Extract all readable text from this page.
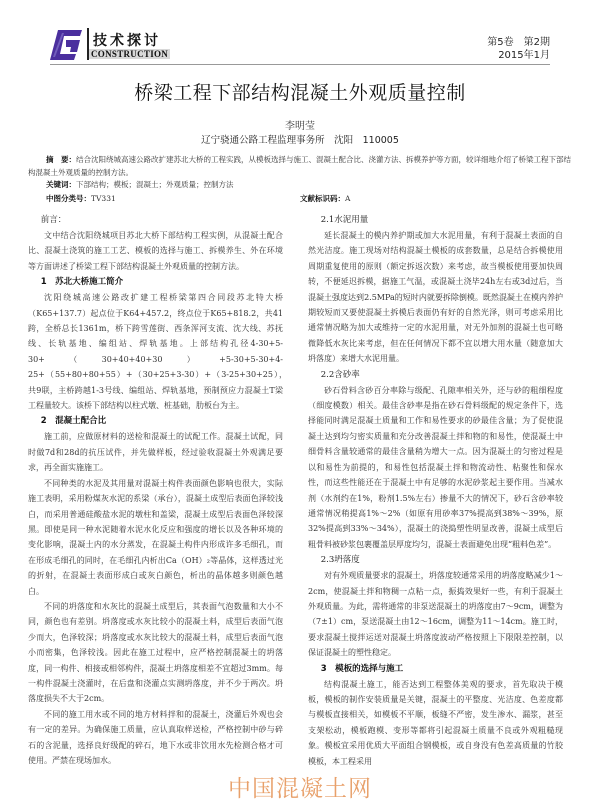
技术探讨
CONSTRUCTION
第5卷　第2期
2015年1月
桥梁工程下部结构混凝土外观质量控制
李明莹
辽宁骁通公路工程监理事务所　沈阳　110005
摘　要：结合沈阳绕城高速公路改扩建苏北大桥的工程实践，从模板选择与施工、混凝土配合比、浇灌方法、拆模养护等方面，较详细地介绍了桥梁工程下部结构混凝土外观质量的控制方法。
关键词：下部结构；模板；混凝土；外观质量；控制方法
中图分类号：TV331	文献标识码：A
前言：

文中结合沈阳绕城项目苏北大桥下部结构工程实例，从混凝土配合比、混凝土浇筑的施工工艺、模板的选择与施工、拆模养生、外在环境等方面讲述了桥梁工程下部结构混凝土外观质量的控制方法。

1　苏北大桥施工简介

沈阳绕城高速公路改扩建工程桥梁第四合同段苏北特大桥（K65+137.7）起点位于K64+457.2，终点位于K65+818.2，共41跨，全桥总长1361m，桥下跨雪莲街、西条浑河支流、沈大线、苏抚线、长轨基地、编组站、焊轨基地。上部结构孔径4-30+5-30+（30+40+40+30）+5-30+5-30+4-25+（55+80+80+55）+（30+25+3-30）+（3-25+30+25），　共9联，主桥跨越1-3号线、编组站、焊轨基地，预制预应力混凝土T梁工程量较大。该桥下部结构以柱式墩、桩基础，肋板台为主。

2　混凝土配合比

施工前，应做原材料的送检和混凝土的试配工作。混凝土试配，同时做7d和28d的抗压试件，并先做样板，经过验收混凝土外观满足要求，再全面实施施工。

不同种类的水泥及其用量对混凝土构件表面颜色影响也很大，实际施工表明，采用粉煤灰水泥的系梁（承台），混凝土成型后表面色泽较浅白，而采用普通硅酸盐水泥的墩柱和盖梁，混凝土成型后表面色泽较深黑。即使是同一种水泥随着水泥水化反应和强度的增长以及各种环境的变化影响，混凝土内的水分蒸发，在混凝土构件内形成许多毛细孔，而在形成毛细孔的同时，在毛细孔内析出Ca（OH）₂等晶体，这样透过光的折射，在混凝土表面形成白或灰白颜色，析出的晶体越多则颜色越白。

不同的坍落度和水灰比的混凝土成型后，其表面气泡数量和大小不同，颜色也有差别。坍落度或水灰比较小的混凝土料，成型后表面气泡少而大，色泽较深；坍落度或水灰比较大的混凝土料，成型后表面气泡小而密集，色泽较浅。因此在施工过程中，应严格控制混凝土的坍落度，同一构件、相接或相邻构件，混凝土坍落度相差不宜超过3mm。每一构件混凝土浇灌时，在后盘和浇灌点实测坍落度，并不少于两次。坍落度损失不大于2cm。

不同的施工用水或不同的地方材料拌和的混凝土，浇灌后外观也会有一定的差异。为确保施工质量，应认真取样送检，严格控制中砂与碎石的含泥量，选择良好级配的碎石，地下水或非饮用水先检测合格才可使用。严禁在现场加水。

2.1水泥用量

延长混凝土的模内养护期或加大水泥用量，有利于混凝土表面的自然光洁度。施工现场对结构混凝土模板的成套数量，总是结合拆模使用周期重复使用的原则（额定拆返次数）来考虑，故当模板使用要加快周转，不便延迟拆模，据施工气温，或混凝土浇毕24h左右或3d过后，当混凝土强度达到2.5MPa的短时内就要拆除倒模。既然混凝土在模内养护期较短而又要使混凝土拆模后表面仍有好的自然光泽，则可考虑采用比通常情况略为加大或维持一定的水泥用量，对无外加剂的混凝土也可略微降低水灰比来考虑，但在任何情况下都不宜以增大用水量（随意加大坍落度）来增大水泥用量。

2.2含砂率

砂石骨料含砂百分率除与级配、孔隙率相关外，还与砂的粗细程度（细度模数）相关。最佳含砂率是指在砂石骨料级配的规定条件下，选择能同时满足混凝土质量和工作和易性要求的砂最佳含量；为了促使混凝土达到均匀密实质量和充分改善混凝土拌和物的和易性，使混凝土中细骨料含量较通常的最佳含量稍为增大一点。因为混凝土的匀密过程是以和易性为前提的，和易性包括混凝土拌和物流动性、粘聚性和保水性，而这些性能还在于混凝土中有足够的水泥砂浆起主要作用。当减水剂（水剂约在1%，粉剂1.5%左右）掺量不大的情况下，砂石含砂率较通常情况稍提高1%～2%（如原有用砂率37%提高到38%～39%，原32%提高到33%～34%），混凝土的浇捣塑性明显改善，混凝土成型后粗骨料被砂浆包裹覆盖层厚度均匀，混凝土表面避免出现“粗料色差”。

2.3坍落度

对有外观质量要求的混凝土，坍落度较通常采用的坍落度略减少1～2cm，使混凝土拌和物稠一点粘一点，振捣效果好一些，有利于混凝土外观质量。为此，需将通常的非泵送混凝土的坍落度由7～9cm，调整为（7±1）cm，泵送混凝土由12～16cm，调整为11～14cm。施工时，要求混凝土搅拌运送对混凝土坍落度波动严格按照上下限限差控制，以保证混凝土的塑性稳定。

3　模板的选择与施工

结构混凝土施工，能否达到工程整体美观的要求，首先取决于模板，模板的制作安装质量是关键，混凝土的平整度、光洁度、色差度都与模板直接相关，如模板不平顺，板缝不严密，发生渗水、漏浆，甚至支架松动，模板跑模、变形等都将引起混凝土质量不良或外观粗糙现象。模板宜采用优质大平面组合钢模板，或自身没有色差高质量的竹胶模板，本工程采用

中国混凝土网
